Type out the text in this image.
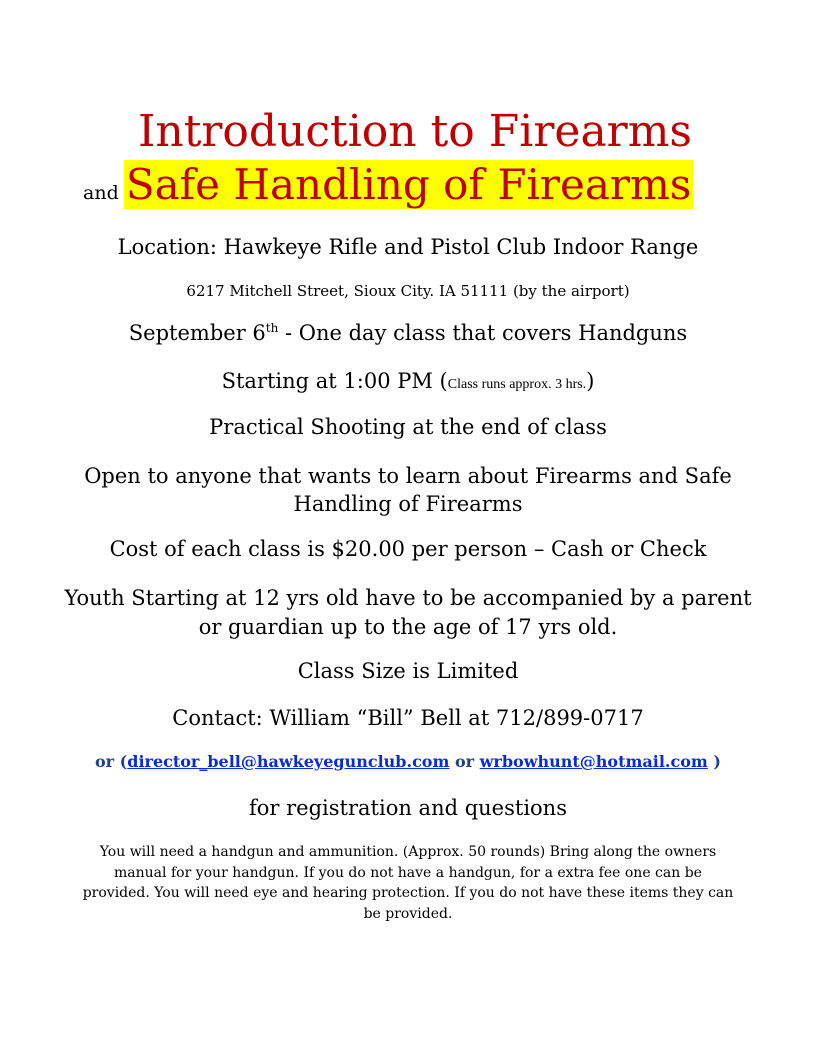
Introduction to Firearms
and Safe Handling of Firearms
Location: Hawkeye Rifle and Pistol Club Indoor Range
6217 Mitchell Street, Sioux City. IA 51111 (by the airport)
September 6th - One day class that covers Handguns
Starting at 1:00 PM (Class runs approx. 3 hrs.)
Practical Shooting at the end of class
Open to anyone that wants to learn about Firearms and Safe Handling of Firearms
Cost of each class is $20.00 per person – Cash or Check
Youth Starting at 12 yrs old have to be accompanied by a parent or guardian up to the age of 17 yrs old.
Class Size is Limited
Contact: William “Bill” Bell at 712/899-0717
or (director_bell@hawkeyegunclub.com or wrbowhunt@hotmail.com )
for registration and questions
You will need a handgun and ammunition. (Approx. 50 rounds) Bring along the owners manual for your handgun. If you do not have a handgun, for a extra fee one can be provided. You will need eye and hearing protection. If you do not have these items they can be provided.
